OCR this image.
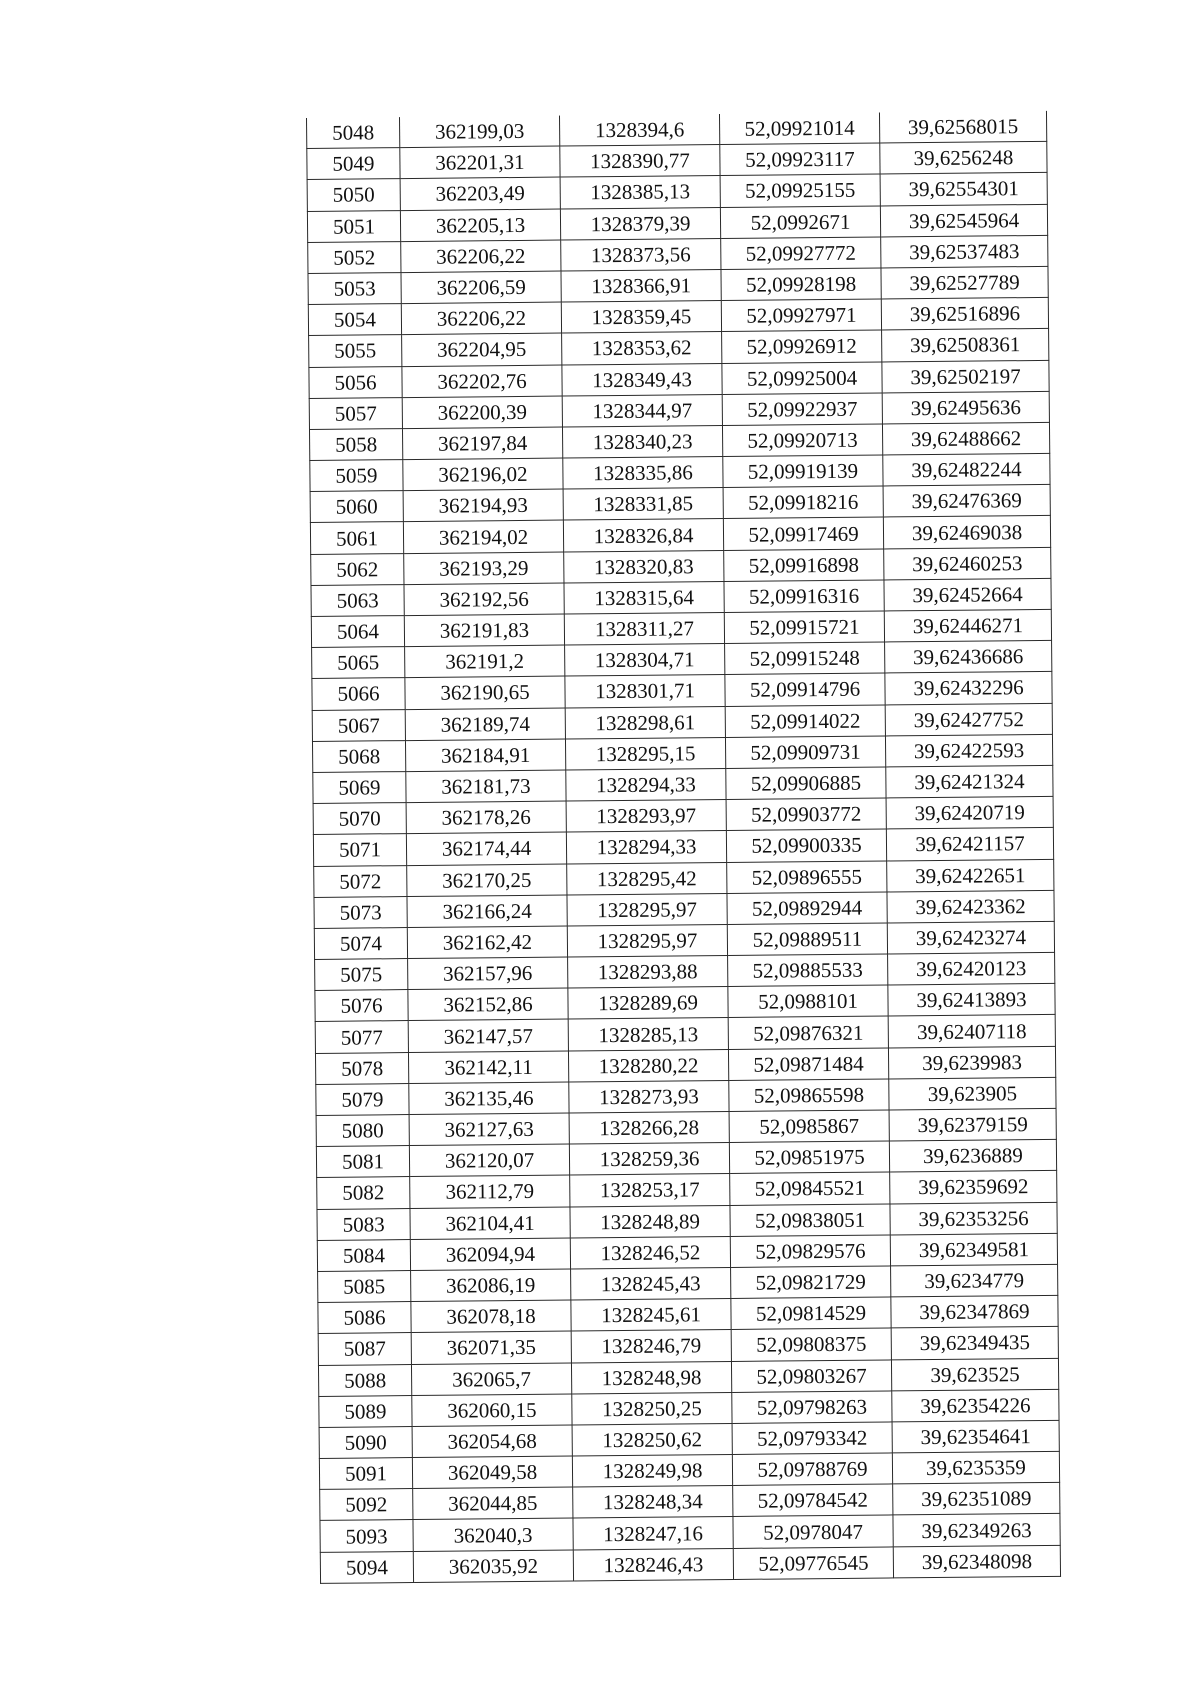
5048	362199,03	1328394,6	52,09921014	39,62568015
5049	362201,31	1328390,77	52,09923117	39,6256248
5050	362203,49	1328385,13	52,09925155	39,62554301
5051	362205,13	1328379,39	52,0992671	39,62545964
5052	362206,22	1328373,56	52,09927772	39,62537483
5053	362206,59	1328366,91	52,09928198	39,62527789
5054	362206,22	1328359,45	52,09927971	39,62516896
5055	362204,95	1328353,62	52,09926912	39,62508361
5056	362202,76	1328349,43	52,09925004	39,62502197
5057	362200,39	1328344,97	52,09922937	39,62495636
5058	362197,84	1328340,23	52,09920713	39,62488662
5059	362196,02	1328335,86	52,09919139	39,62482244
5060	362194,93	1328331,85	52,09918216	39,62476369
5061	362194,02	1328326,84	52,09917469	39,62469038
5062	362193,29	1328320,83	52,09916898	39,62460253
5063	362192,56	1328315,64	52,09916316	39,62452664
5064	362191,83	1328311,27	52,09915721	39,62446271
5065	362191,2	1328304,71	52,09915248	39,62436686
5066	362190,65	1328301,71	52,09914796	39,62432296
5067	362189,74	1328298,61	52,09914022	39,62427752
5068	362184,91	1328295,15	52,09909731	39,62422593
5069	362181,73	1328294,33	52,09906885	39,62421324
5070	362178,26	1328293,97	52,09903772	39,62420719
5071	362174,44	1328294,33	52,09900335	39,62421157
5072	362170,25	1328295,42	52,09896555	39,62422651
5073	362166,24	1328295,97	52,09892944	39,62423362
5074	362162,42	1328295,97	52,09889511	39,62423274
5075	362157,96	1328293,88	52,09885533	39,62420123
5076	362152,86	1328289,69	52,0988101	39,62413893
5077	362147,57	1328285,13	52,09876321	39,62407118
5078	362142,11	1328280,22	52,09871484	39,6239983
5079	362135,46	1328273,93	52,09865598	39,623905
5080	362127,63	1328266,28	52,0985867	39,62379159
5081	362120,07	1328259,36	52,09851975	39,6236889
5082	362112,79	1328253,17	52,09845521	39,62359692
5083	362104,41	1328248,89	52,09838051	39,62353256
5084	362094,94	1328246,52	52,09829576	39,62349581
5085	362086,19	1328245,43	52,09821729	39,6234779
5086	362078,18	1328245,61	52,09814529	39,62347869
5087	362071,35	1328246,79	52,09808375	39,62349435
5088	362065,7	1328248,98	52,09803267	39,623525
5089	362060,15	1328250,25	52,09798263	39,62354226
5090	362054,68	1328250,62	52,09793342	39,62354641
5091	362049,58	1328249,98	52,09788769	39,6235359
5092	362044,85	1328248,34	52,09784542	39,62351089
5093	362040,3	1328247,16	52,0978047	39,62349263
5094	362035,92	1328246,43	52,09776545	39,62348098
